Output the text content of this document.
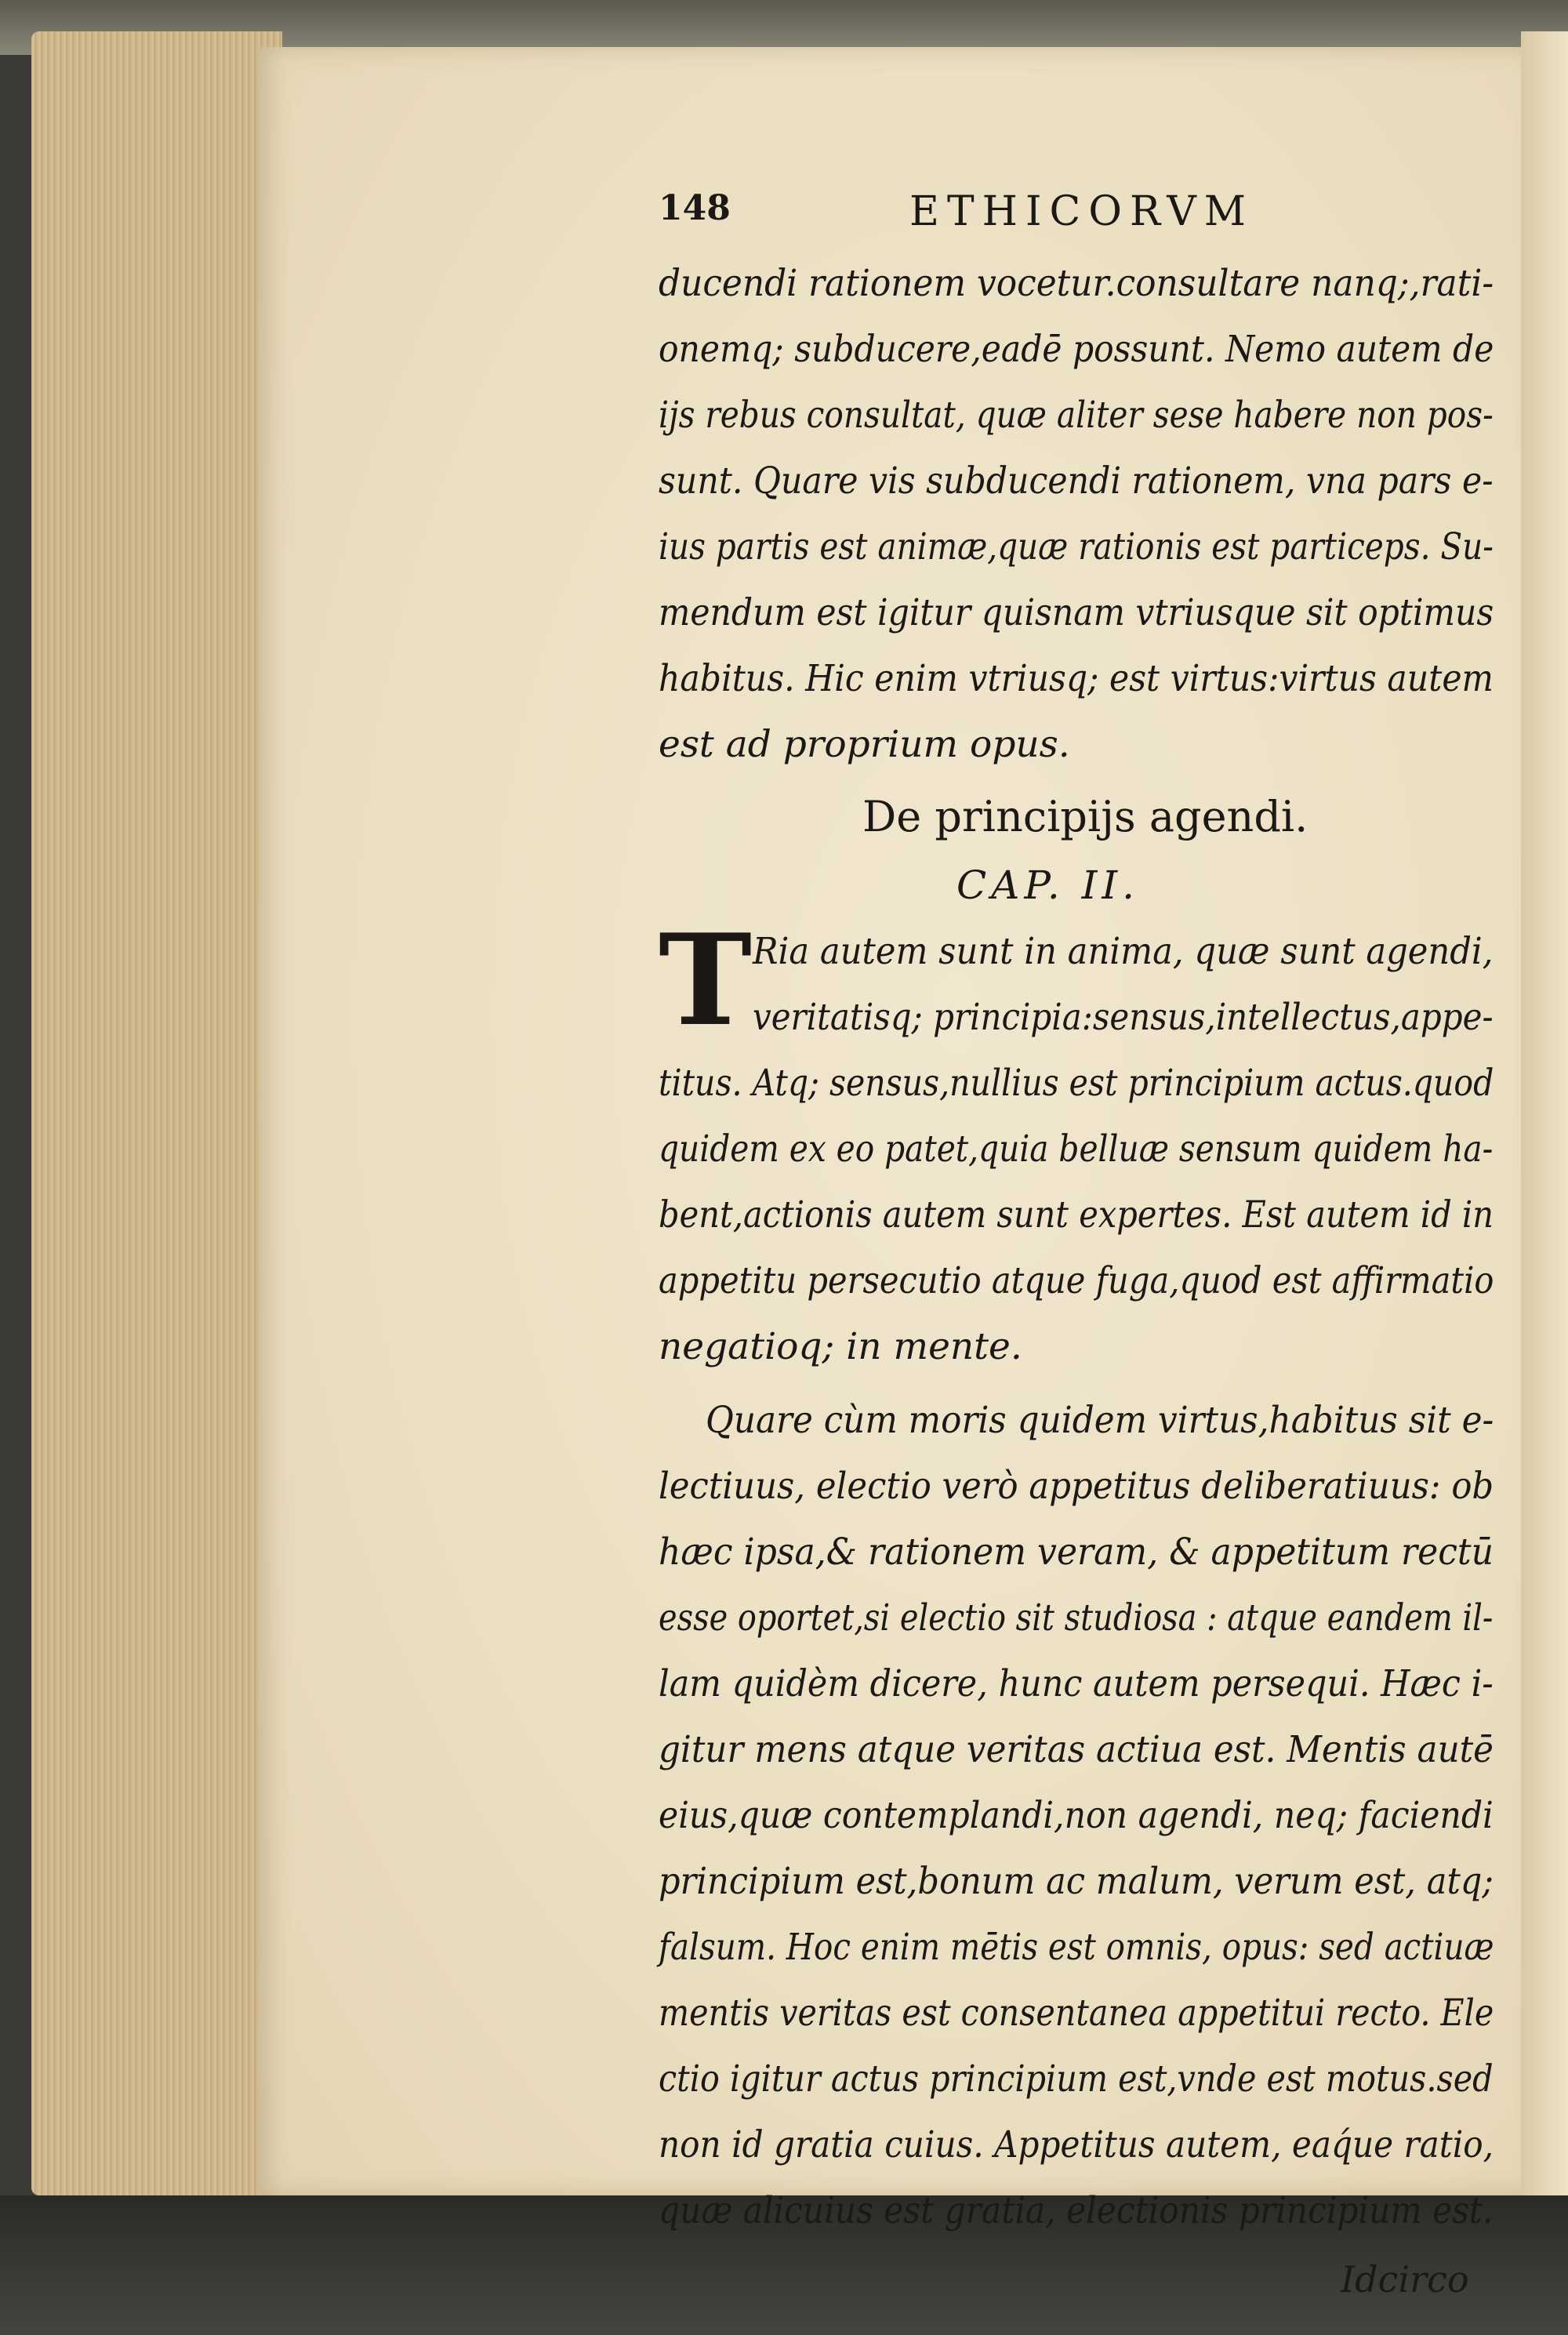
148	ETHICORVM
ducendi rationem vocetur.consultare nanq;,rati-
onemq; subducere,eadē possunt. Nemo autem de
ijs rebus consultat, quæ aliter sese habere non pos-
sunt. Quare vis subducendi rationem, vna pars e-
ius partis est animæ,quæ rationis est particeps. Su-
mendum est igitur quisnam vtriusque sit optimus
habitus. Hic enim vtriusq; est virtus:virtus autem
est ad proprium opus.
De principijs agendi.
CAP. II.
T Ria autem sunt in anima, quæ sunt agendi,
veritatisq; principia:sensus,intellectus,appe-
titus. Atq; sensus,nullius est principium actus.quod
quidem ex eo patet,quia belluæ sensum quidem ha-
bent,actionis autem sunt expertes. Est autem id in
appetitu persecutio atque fuga,quod est affirmatio
negatioq; in mente.
Quare cùm moris quidem virtus,habitus sit e-
lectiuus, electio verò appetitus deliberatiuus: ob
hæc ipsa,& rationem veram, & appetitum rectū
esse oportet,si electio sit studiosa : atque eandem il-
lam quidèm dicere, hunc autem persequi. Hæc i-
gitur mens atque veritas actiua est. Mentis autē
eius,quæ contemplandi,non agendi, neq; faciendi
principium est,bonum ac malum, verum est, atq;
falsum. Hoc enim mētis est omnis, opus: sed actiuæ
mentis veritas est consentanea appetitui recto. Ele
ctio igitur actus principium est,vnde est motus.sed
non id gratia cuius. Appetitus autem, eaq́ue ratio,
quæ alicuius est gratia, electionis principium est.
Idcirco
